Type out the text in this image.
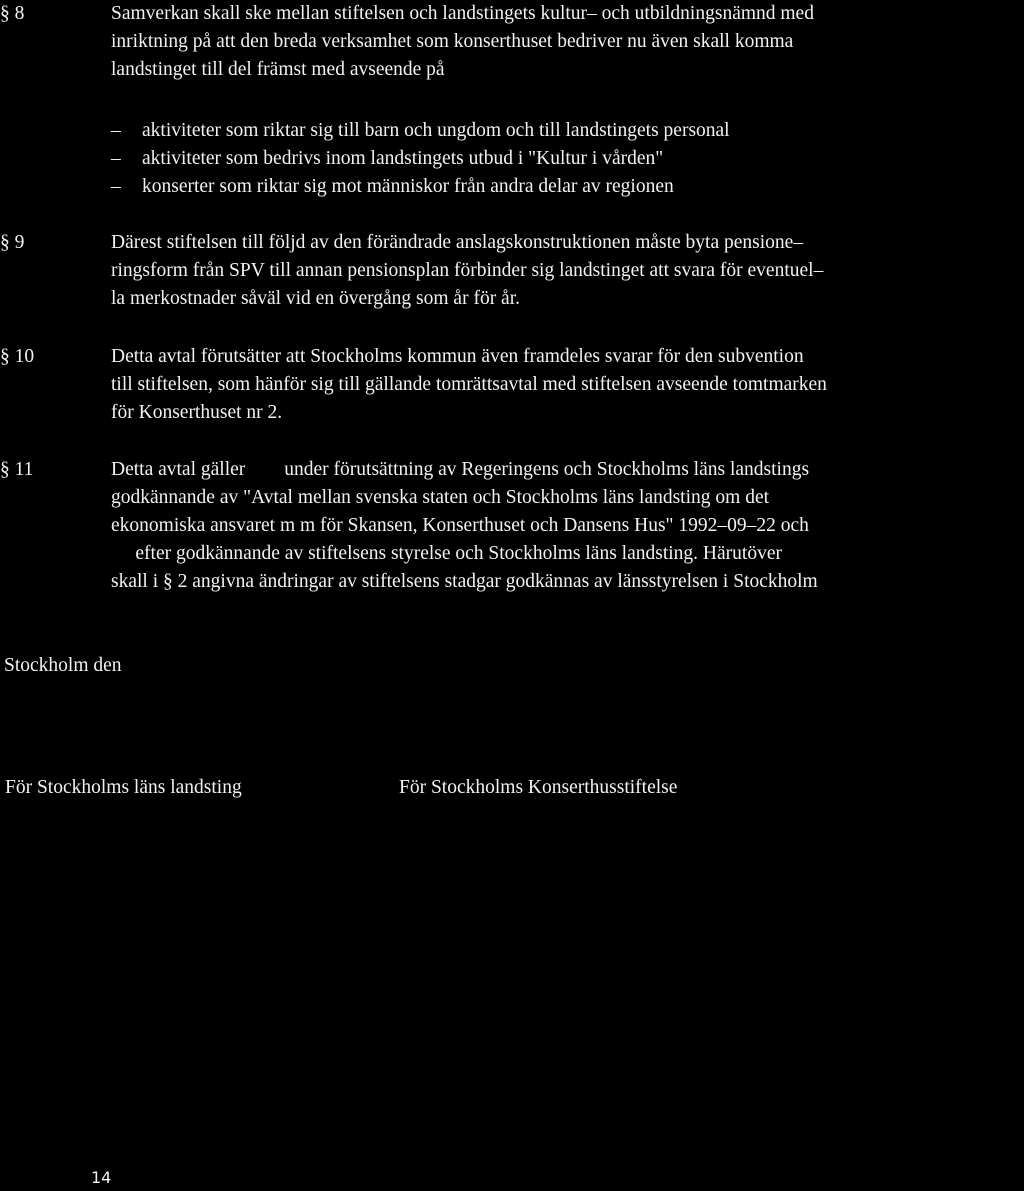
§ 8	Samverkan skall ske mellan stiftelsen och landstingets kultur– och utbildningsnämnd med
inriktning på att den breda verksamhet som konserthuset bedriver nu även skall komma
landstinget till del främst med avseende på
–	aktiviteter som riktar sig till barn och ungdom och till landstingets personal
–	aktiviteter som bedrivs inom landstingets utbud i "Kultur i vården"
–	konserter som riktar sig mot människor från andra delar av regionen
§ 9	Därest stiftelsen till följd av den förändrade anslagskonstruktionen måste byta pensione–
ringsform från SPV till annan pensionsplan förbinder sig landstinget att svara för eventuel–
la merkostnader såväl vid en övergång som år för år.
§ 10	Detta avtal förutsätter att Stockholms kommun även framdeles svarar för den subvention
till stiftelsen, som hänför sig till gällande tomrättsavtal med stiftelsen avseende tomtmarken
för Konserthuset nr 2.
§ 11	Detta avtal gäller        under förutsättning av Regeringens och Stockholms läns landstings
godkännande av "Avtal mellan svenska staten och Stockholms läns landsting om det
ekonomiska ansvaret m m för Skansen, Konserthuset och Dansens Hus" 1992–09–22 och
efter godkännande av stiftelsens styrelse och Stockholms läns landsting. Härutöver
skall i § 2 angivna ändringar av stiftelsens stadgar godkännas av länsstyrelsen i Stockholm
Stockholm den
För Stockholms läns landsting	För Stockholms Konserthusstiftelse
14
